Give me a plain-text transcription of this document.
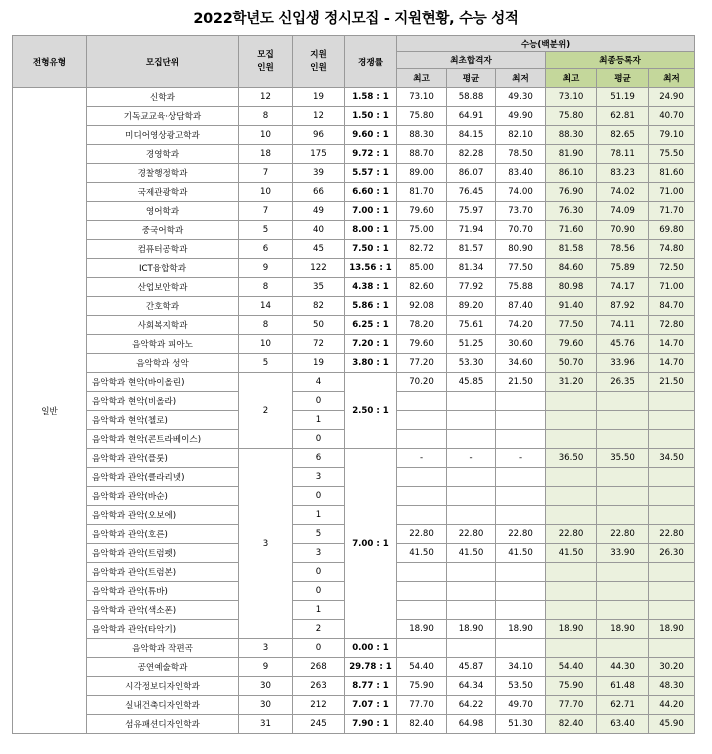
2022학년도 신입생 정시모집 - 지원현황, 수능 성적
전형유형	모집단위	모집
인원	지원
인원	경쟁률	수능(백분위)					
					최초합격자			최종등록자		
					최고	평균	최저	최고	평균	최저
일반	신학과	12	19	1.58 : 1	73.10	58.88	49.30	73.10	51.19	24.90
	기독교교육·상담학과	8	12	1.50 : 1	75.80	64.91	49.90	75.80	62.81	40.70
	미디어영상광고학과	10	96	9.60 : 1	88.30	84.15	82.10	88.30	82.65	79.10
	경영학과	18	175	9.72 : 1	88.70	82.28	78.50	81.90	78.11	75.50
	경찰행정학과	7	39	5.57 : 1	89.00	86.07	83.40	86.10	83.23	81.60
	국제관광학과	10	66	6.60 : 1	81.70	76.45	74.00	76.90	74.02	71.00
	영어학과	7	49	7.00 : 1	79.60	75.97	73.70	76.30	74.09	71.70
	중국어학과	5	40	8.00 : 1	75.00	71.94	70.70	71.60	70.90	69.80
	컴퓨터공학과	6	45	7.50 : 1	82.72	81.57	80.90	81.58	78.56	74.80
	ICT융합학과	9	122	13.56 : 1	85.00	81.34	77.50	84.60	75.89	72.50
	산업보안학과	8	35	4.38 : 1	82.60	77.92	75.88	80.98	74.17	71.00
	간호학과	14	82	5.86 : 1	92.08	89.20	87.40	91.40	87.92	84.70
	사회복지학과	8	50	6.25 : 1	78.20	75.61	74.20	77.50	74.11	72.80
	음악학과 피아노	10	72	7.20 : 1	79.60	51.25	30.60	79.60	45.76	14.70
	음악학과 성악	5	19	3.80 : 1	77.20	53.30	34.60	50.70	33.96	14.70
	음악학과 현악(바이올린)	2	4	2.50 : 1	70.20	45.85	21.50	31.20	26.35	21.50
	음악학과 현악(비올라)		0							
	음악학과 현악(첼로)		1							
	음악학과 현악(콘트라베이스)		0							
	음악학과 관악(플룻)	3	6	7.00 : 1	-	-	-	36.50	35.50	34.50
	음악학과 관악(클라리넷)		3							
	음악학과 관악(바순)		0							
	음악학과 관악(오보에)		1							
	음악학과 관악(호른)		5		22.80	22.80	22.80	22.80	22.80	22.80
	음악학과 관악(트럼펫)		3		41.50	41.50	41.50	41.50	33.90	26.30
	음악학과 관악(트럼본)		0							
	음악학과 관악(튜바)		0							
	음악학과 관악(색소폰)		1							
	음악학과 관악(타악기)		2		18.90	18.90	18.90	18.90	18.90	18.90
	음악학과 작편곡	3	0	0.00 : 1						
	공연예술학과	9	268	29.78 : 1	54.40	45.87	34.10	54.40	44.30	30.20
	시각정보디자인학과	30	263	8.77 : 1	75.90	64.34	53.50	75.90	61.48	48.30
	실내건축디자인학과	30	212	7.07 : 1	77.70	64.22	49.70	77.70	62.71	44.20
	섬유패션디자인학과	31	245	7.90 : 1	82.40	64.98	51.30	82.40	63.40	45.90
